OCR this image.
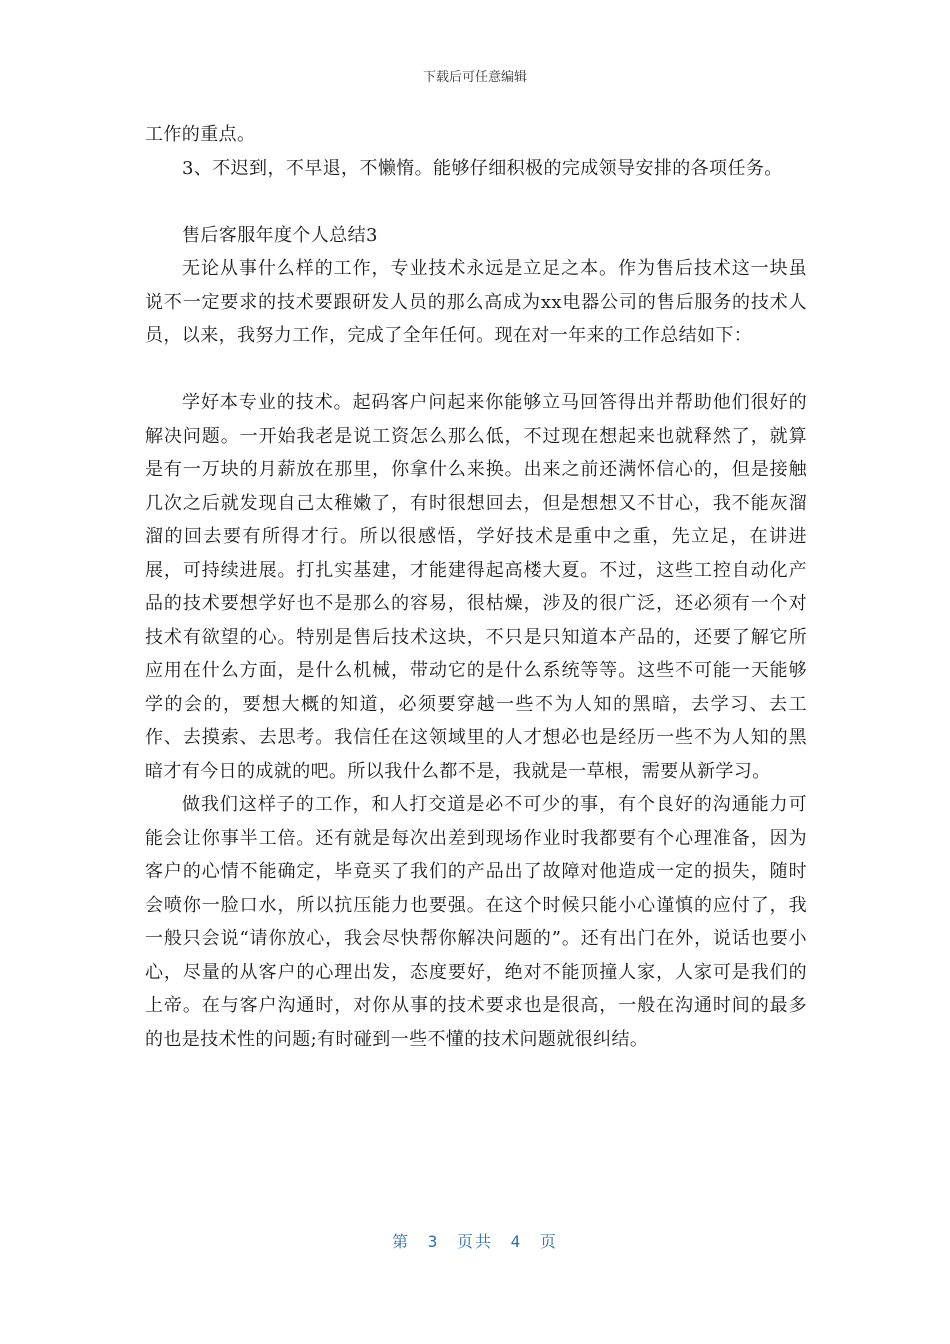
下载后可任意编辑

工作的重点。

3、不迟到，不早退，不懒惰。能够仔细积极的完成领导安排的各项任务。

售后客服年度个人总结3

无论从事什么样的工作，专业技术永远是立足之本。作为售后技术这一块虽说不一定要求的技术要跟研发人员的那么高成为xx电器公司的售后服务的技术人员，以来，我努力工作，完成了全年任何。现在对一年来的工作总结如下：

学好本专业的技术。起码客户问起来你能够立马回答得出并帮助他们很好的解决问题。一开始我老是说工资怎么那么低，不过现在想起来也就释然了，就算是有一万块的月薪放在那里，你拿什么来换。出来之前还满怀信心的，但是接触几次之后就发现自己太稚嫩了，有时很想回去，但是想想又不甘心，我不能灰溜溜的回去要有所得才行。所以很感悟，学好技术是重中之重，先立足，在讲进展，可持续进展。打扎实基建，才能建得起高楼大夏。不过，这些工控自动化产品的技术要想学好也不是那么的容易，很枯燥，涉及的很广泛，还必须有一个对技术有欲望的心。特别是售后技术这块，不只是只知道本产品的，还要了解它所应用在什么方面，是什么机械，带动它的是什么系统等等。这些不可能一天能够学的会的，要想大概的知道，必须要穿越一些不为人知的黑暗，去学习、去工作、去摸索、去思考。我信任在这领域里的人才想必也是经历一些不为人知的黑暗才有今日的成就的吧。所以我什么都不是，我就是一草根，需要从新学习。

做我们这样子的工作，和人打交道是必不可少的事，有个良好的沟通能力可能会让你事半工倍。还有就是每次出差到现场作业时我都要有个心理准备，因为客户的心情不能确定，毕竟买了我们的产品出了故障对他造成一定的损失，随时会喷你一脸口水，所以抗压能力也要强。在这个时候只能小心谨慎的应付了，我一般只会说“请你放心，我会尽快帮你解决问题的”。还有出门在外，说话也要小心，尽量的从客户的心理出发，态度要好，绝对不能顶撞人家，人家可是我们的上帝。在与客户沟通时，对你从事的技术要求也是很高，一般在沟通时间的最多的也是技术性的问题;有时碰到一些不懂的技术问题就很纠结。

第 3 页共 4 页
